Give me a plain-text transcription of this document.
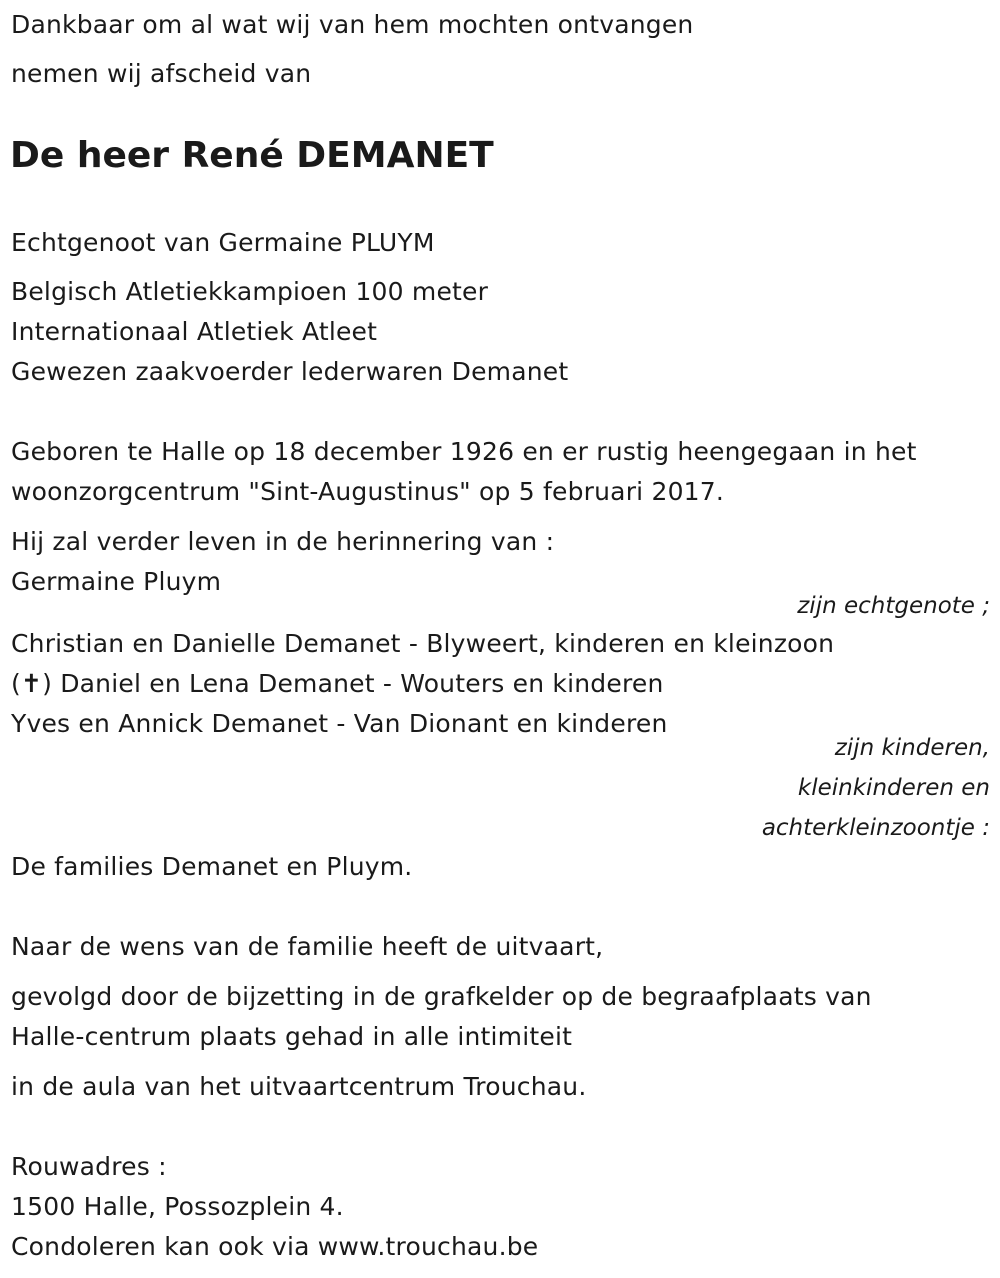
Dankbaar om al wat wij van hem mochten ontvangen
nemen wij afscheid van
De heer René DEMANET
Echtgenoot van Germaine PLUYM
Belgisch Atletiekkampioen 100 meter
Internationaal Atletiek Atleet
Gewezen zaakvoerder lederwaren Demanet
Geboren te Halle op 18 december 1926 en er rustig heengegaan in het
woonzorgcentrum "Sint-Augustinus" op 5 februari 2017.
Hij zal verder leven in de herinnering van :
Germaine Pluym
zijn echtgenote ;
Christian en Danielle Demanet - Blyweert, kinderen en kleinzoon
(✝) Daniel en Lena Demanet - Wouters en kinderen
Yves en Annick Demanet - Van Dionant en kinderen
zijn kinderen,
kleinkinderen en
achterkleinzoontje :
De families Demanet en Pluym.
Naar de wens van de familie heeft de uitvaart,
gevolgd door de bijzetting in de grafkelder op de begraafplaats van
Halle-centrum plaats gehad in alle intimiteit
in de aula van het uitvaartcentrum Trouchau.
Rouwadres :
1500 Halle, Possozplein 4.
Condoleren kan ook via www.trouchau.be
